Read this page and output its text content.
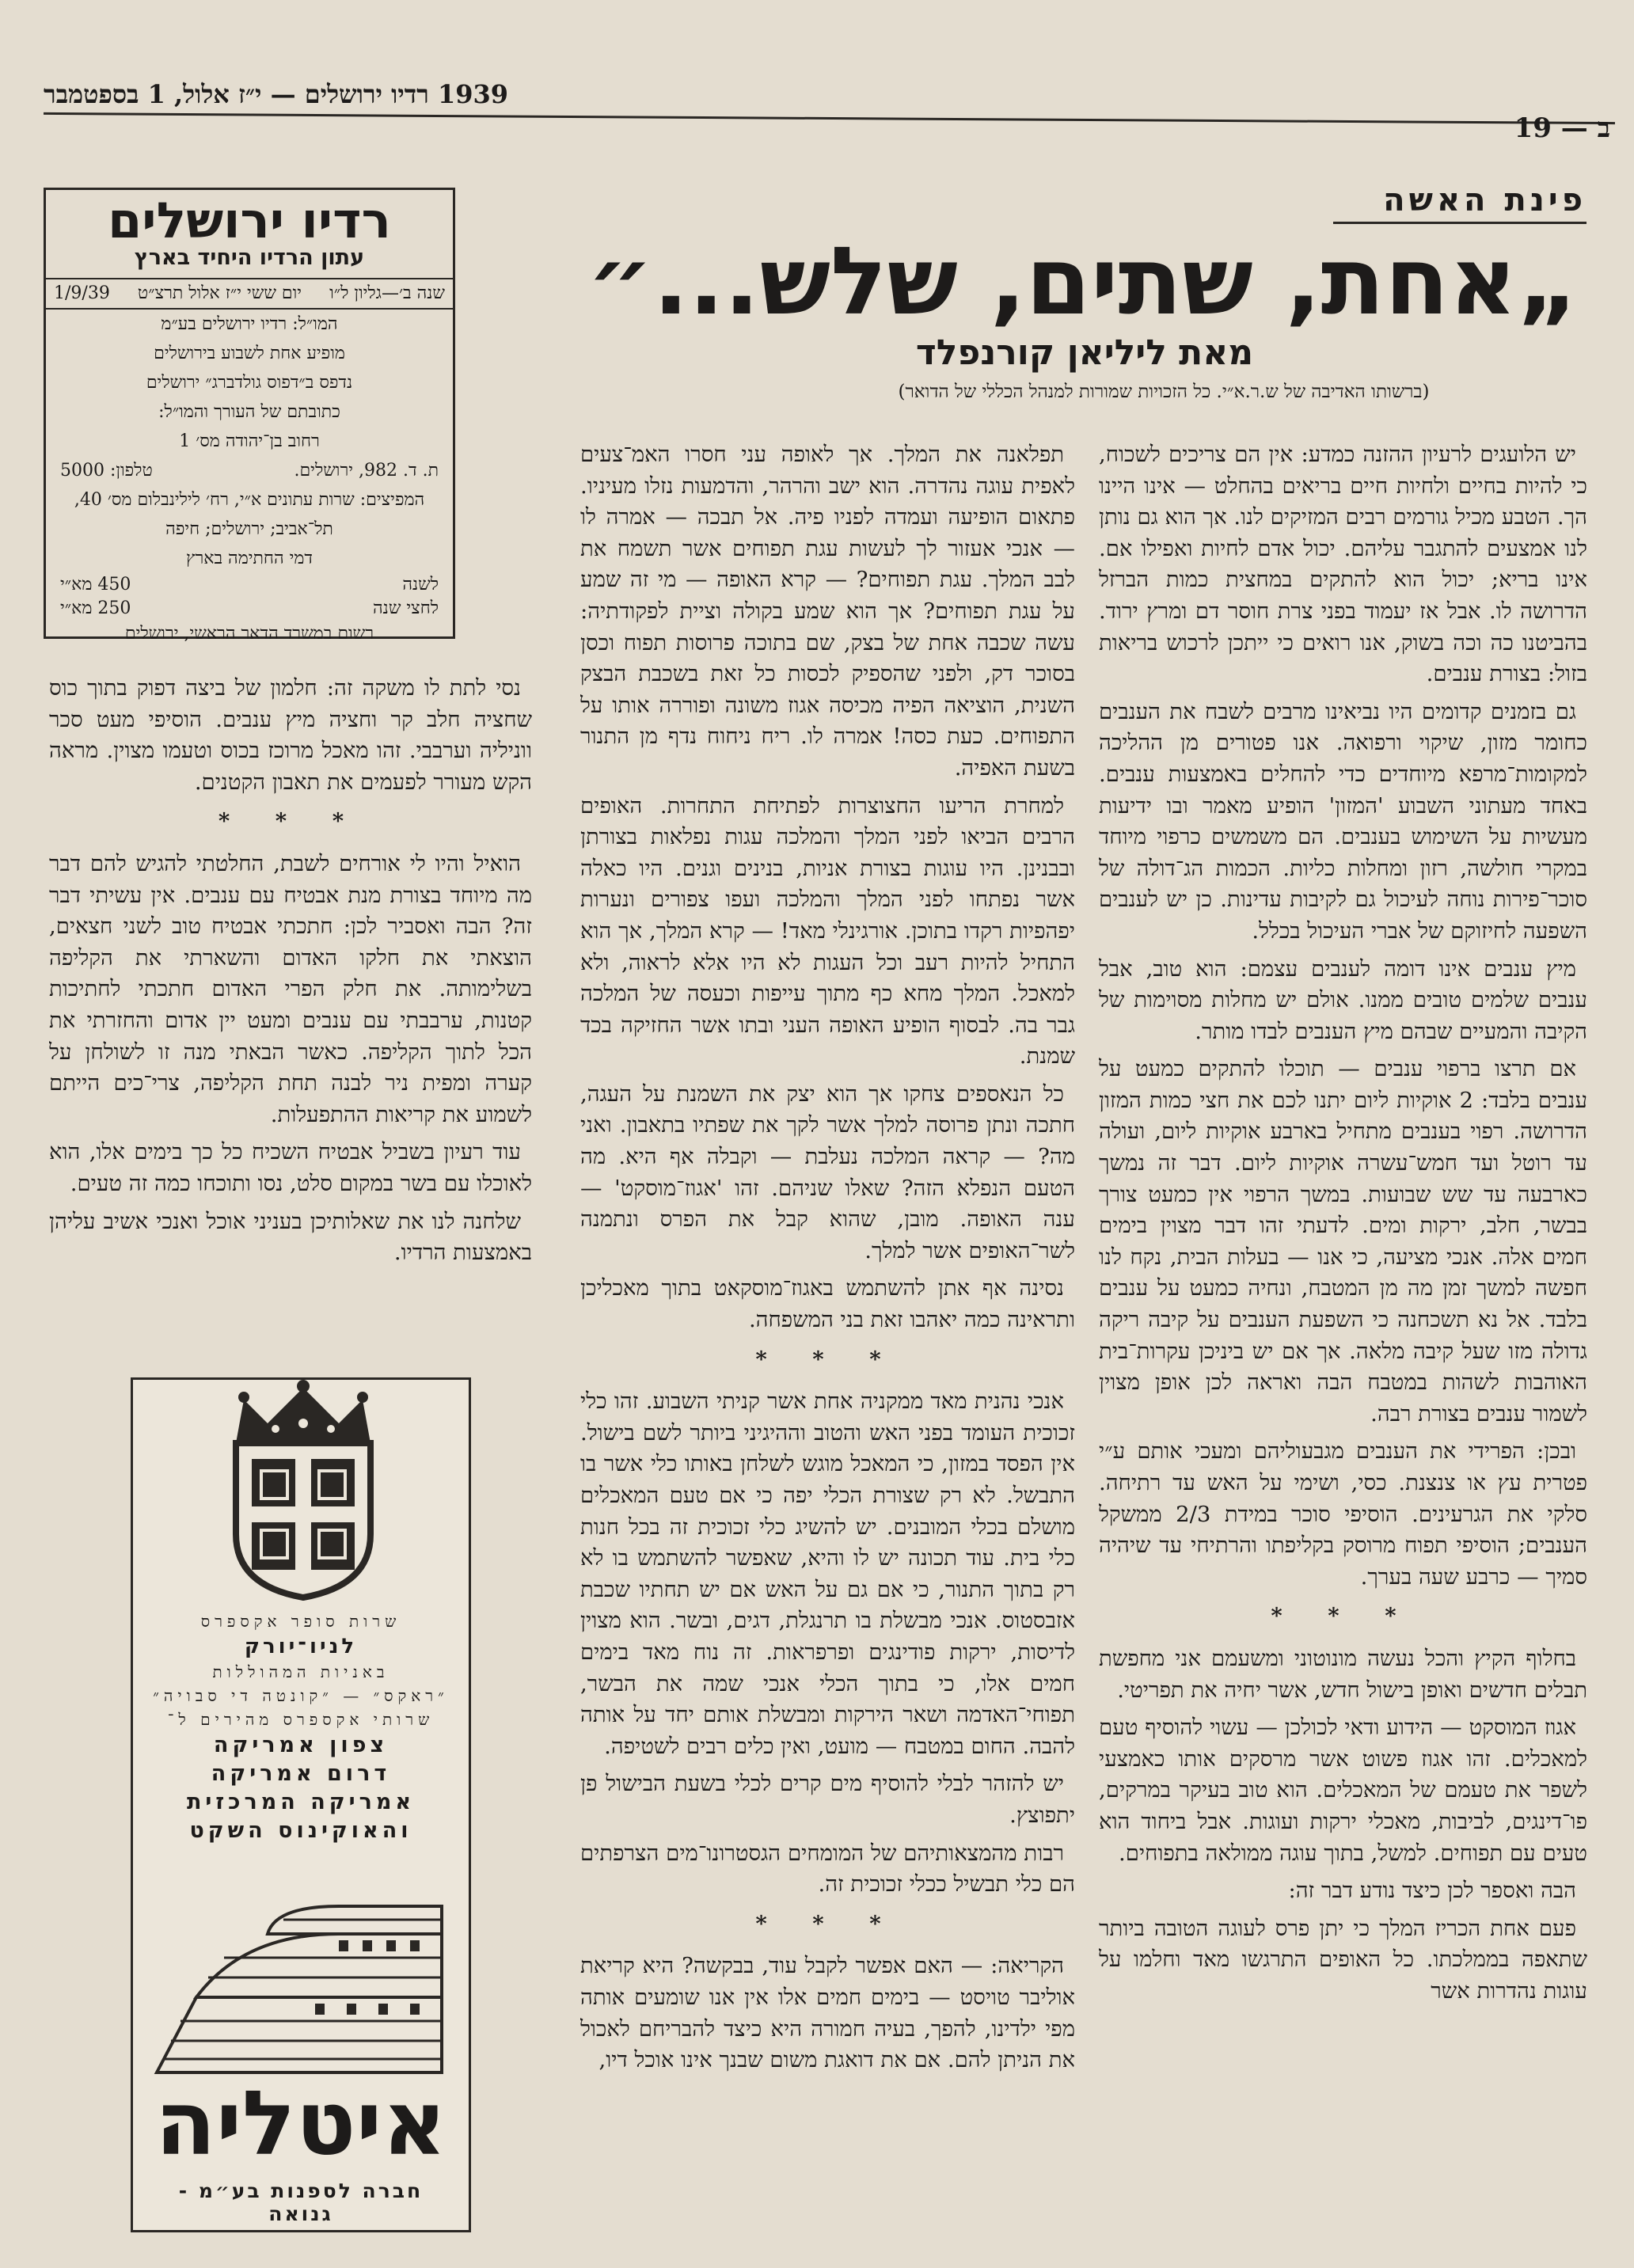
1939 רדיו ירושלים — י״ז אלול, 1 בספטמבר
ב — 19
רדיו ירושלים
עתון הרדיו היחיד בארץ
שנה ב׳—גליון ל״ו
יום ששי י״ז אלול תרצ״ט
1/9/39
המו״ל: רדיו ירושלים בע״מ
מופיע אחת לשבוע בירושלים
נדפס ב״דפוס גולדברג״ ירושלים
כתובתם של העורך והמו״ל:
רחוב בן־יהודה מס׳ 1
ת. ד. 982, ירושלים.
טלפון: 5000
המפיצים: שרות עתונים א״י, רח׳ לילינבלום מס׳ 40,
תל־אביב; ירושלים; חיפה
דמי החתימה בארץ
לשנה
450 מא״י
לחצי שנה
250 מא״י
רשום במשרד הדאר הראשי, ירושלים
פינת האשה
„אחת, שתים, שלש...״
מאת ליליאן קורנפלד
(ברשותו האדיבה של ש.ר.א״י. כל הזכויות שמורות למנהל הכללי של הדואר)

יש הלועגים לרעיון ההזנה כמדע: אין הם צריכים לשכוח, כי להיות בחיים ולחיות חיים בריאים בהחלט — אינו היינו הך. הטבע מכיל גורמים רבים המזיקים לנו. אך הוא גם נותן לנו אמצעים להתגבר עליהם. יכול אדם לחיות ואפילו אם. אינו בריא; יכול הוא להתקים במחצית כמות הברזל הדרושה לו. אבל אז יעמוד בפני צרת חוסר דם ומרץ ירוד. בהביטנו כה וכה בשוק, אנו רואים כי ייתכן לרכוש בריאות בזול: בצורת ענבים.

גם בזמנים קדומים היו נביאינו מרבים לשבח את הענבים כחומר מזון, שיקוי ורפואה. אנו פטורים מן ההליכה למקומות־מרפא מיוחדים כדי להחלים באמצעות ענבים. באחד מעתוני השבוע 'המזון' הופיע מאמר ובו ידיעות מעשיות על השימוש בענבים. הם משמשים כרפוי מיוחד במקרי חולשה, רזון ומחלות כליות. הכמות הג־דולה של סוכר־פירות נוחה לעיכול גם לקיבות עדינות. כן יש לענבים השפעה לחיזוקם של אברי העיכול בכלל.

מיץ ענבים אינו דומה לענבים עצמם: הוא טוב, אבל ענבים שלמים טובים ממנו. אולם יש מחלות מסוימות של הקיבה והמעיים שבהם מיץ הענבים לבדו מותר.

אם תרצו ברפוי ענבים — תוכלו להתקים כמעט על ענבים בלבד: 2 אוקיות ליום יתנו לכם את חצי כמות המזון הדרושה. רפוי בענבים מתחיל בארבע אוקיות ליום, ועולה עד רוטל ועד חמש־עשרה אוקיות ליום. דבר זה נמשך כארבעה עד שש שבועות. במשך הרפוי אין כמעט צורך בבשר, חלב, ירקות ומים. לדעתי זהו דבר מצוין בימים חמים אלה. אנכי מציעה, כי אנו — בעלות הבית, נקח לנו חפשה למשך זמן מה מן המטבח, ונחיה כמעט על ענבים בלבד. אל נא תשכחנה כי השפעת הענבים על קיבה ריקה גדולה מזו שעל קיבה מלאה. אך אם יש ביניכן עקרות־בית האוהבות לשהות במטבח הבה ואראה לכן אופן מצוין לשמור ענבים בצורת רבה.

ובכן: הפרידי את הענבים מגבעוליהם ומעכי אותם ע״י פטרית עץ או צנצנת. כסי, ושימי על האש עד רתיחה. סלקי את הגרעינים. הוסיפי סוכר במידת 2/3 ממשקל הענבים; הוסיפי תפוח מרוסק בקליפתו והרתיחי עד שיהיה סמיך — כרבע שעה בערך.

* * *

בחלוף הקיץ והכל נעשה מונוטוני ומשעמם אני מחפשת תבלים חדשים ואופן בישול חדש, אשר יחיה את תפריטי.

אגוז המוסקט — הידוע ודאי לכולכן — עשוי להוסיף טעם למאכלים. זהו אגוז פשוט אשר מרסקים אותו כאמצעי לשפר את טעמם של המאכלים. הוא טוב בעיקר במרקים, פו־דינגים, לביבות, מאכלי ירקות ועוגות. אבל ביחוד הוא טעים עם תפוחים. למשל, בתוך עוגה ממולאה בתפוחים.

הבה ואספר לכן כיצד נודע דבר זה:

פעם אחת הכריז המלך כי יתן פרס לעוגה הטובה ביותר שתאפה בממלכתו. כל האופים התרגשו מאד וחלמו על עוגות נהדרות אשר

תפלאנה את המלך. אך לאופה עני חסרו האמ־צעים לאפית עוגה נהדרה. הוא ישב והרהר, והדמעות נזלו מעיניו. פתאום הופיעה ועמדה לפניו פיה. אל תבכה — אמרה לו — אנכי אעזור לך לעשות עגת תפוחים אשר תשמח את לבב המלך. עגת תפוחים? — קרא האופה — מי זה שמע על עגת תפוחים? אך הוא שמע בקולה וציית לפקודתיה: עשה שכבה אחת של בצק, שם בתוכה פרוסות תפוח וכסן בסוכר דק, ולפני שהספיק לכסות כל זאת בשכבת הבצק השנית, הוציאה הפיה מכיסה אגוז משונה ופוררה אותו על התפוחים. כעת כסה! אמרה לו. ריח ניחוח נדף מן התנור בשעת האפיה.

למחרת הריעו החצוצרות לפתיחת התחרות. האופים הרבים הביאו לפני המלך והמלכה עגות נפלאות בצורתן ובבנינן. היו עוגות בצורת אניות, בנינים וגנים. היו כאלה אשר נפתחו לפני המלך והמלכה ועפו צפורים ונערות יפהפיות רקדו בתוכן. אורגינלי מאד! — קרא המלך, אך הוא התחיל להיות רעב וכל העגות לא היו אלא לראוה, ולא למאכל. המלך מחא כף מתוך עייפות וכעסה של המלכה גבר בה. לבסוף הופיע האופה העני ובתו אשר החזיקה בכד שמנת.

כל הנאספים צחקו אך הוא יצק את השמנת על העגה, חתכה ונתן פרוסה למלך אשר לקך את שפתיו בתאבון. ואני מה? — קראה המלכה נעלבת — וקבלה אף היא. מה הטעם הנפלא הזה? שאלו שניהם. זהו 'אגוז־מוסקט' — ענה האופה. מובן, שהוא קבל את הפרס ונתמנה לשר־האופים אשר למלך.

נסינה אף אתן להשתמש באגוז־מוסקאט בתוך מאכליכן ותראינה כמה יאהבו זאת בני המשפחה.

* * *

אנכי נהנית מאד ממקניה אחת אשר קניתי השבוע. זהו כלי זכוכית העומד בפני האש והטוב וההיגיני ביותר לשם בישול. אין הפסד במזון, כי המאכל מוגש לשלחן באותו כלי אשר בו התבשל. לא רק שצורת הכלי יפה כי אם טעם המאכלים מושלם בכלי המובנים. יש להשיג כלי זכוכית זה בכל חנות כלי בית. עוד תכונה יש לו והיא, שאפשר להשתמש בו לא רק בתוך התנור, כי אם גם על האש אם יש תחתיו שכבת אזבסטוס. אנכי מבשלת בו תרנגלת, דגים, ובשר. הוא מצוין לדיסות, ירקות פודינגים ופרפראות. זה נוח מאד בימים חמים אלו, כי בתוך הכלי אנכי שמה את הבשר, תפוחי־האדמה ושאר הירקות ומבשלת אותם יחד על אותה להבה. החום במטבח — מועט, ואין כלים רבים לשטיפה.

יש להזהר לבלי להוסיף מים קרים לכלי בשעת הבישול פן יתפוצץ.

רבות מהמצאותיהם של המומחים הגסטרונו־מים הצרפתים הם כלי תבשיל ככלי זכוכית זה.

* * *

הקריאה: — האם אפשר לקבל עוד, בבקשה? היא קריאת אוליבר טויסט — בימים חמים אלו אין אנו שומעים אותה מפי ילדינו, להפך, בעיה חמורה היא כיצד להבריחם לאכול את הניתן להם. אם את דואגת משום שבנך אינו אוכל דיו,

נסי לתת לו משקה זה: חלמון של ביצה דפוק בתוך כוס שחציה חלב קר וחציה מיץ ענבים. הוסיפי מעט סכר ווניליה וערבבי. זהו מאכל מרוכז בכוס וטעמו מצוין. מראה הקש מעורר לפעמים את תאבון הקטנים.

* * *

הואיל והיו לי אורחים לשבת, החלטתי להגיש להם דבר מה מיוחד בצורת מנת אבטיח עם ענבים. אין עשיתי דבר זה? הבה ואסביר לכן: חתכתי אבטיח טוב לשני חצאים, הוצאתי את חלקו האדום והשארתי את הקליפה בשלימותה. את חלק הפרי האדום חתכתי לחתיכות קטנות, ערבבתי עם ענבים ומעט יין אדום והחזרתי את הכל לתוך הקליפה. כאשר הבאתי מנה זו לשולחן על קערה ומפית ניר לבנה תחת הקליפה, צרי־כים הייתם לשמוע את קריאות ההתפעלות.

עוד רעיון בשביל אבטיח השכיח כל כך בימים אלו, הוא לאוכלו עם בשר במקום סלט, נסו ותוכחו כמה זה טעים.

שלחנה לנו את שאלותיכן בעניני אוכל ואנכי אשיב עליהן באמצעות הרדיו.

שרות סופר אקספרס
לניו־יורק
באניות המהוללות
״ראקס״ — ״קונטה די סבויה״
שרותי אקספרס מהירים ל־
צפון אמריקה
דרום אמריקה
אמריקה המרכזית
והאוקינוס השקט
איטליה
חברה לספנות בע״מ - גנואה
